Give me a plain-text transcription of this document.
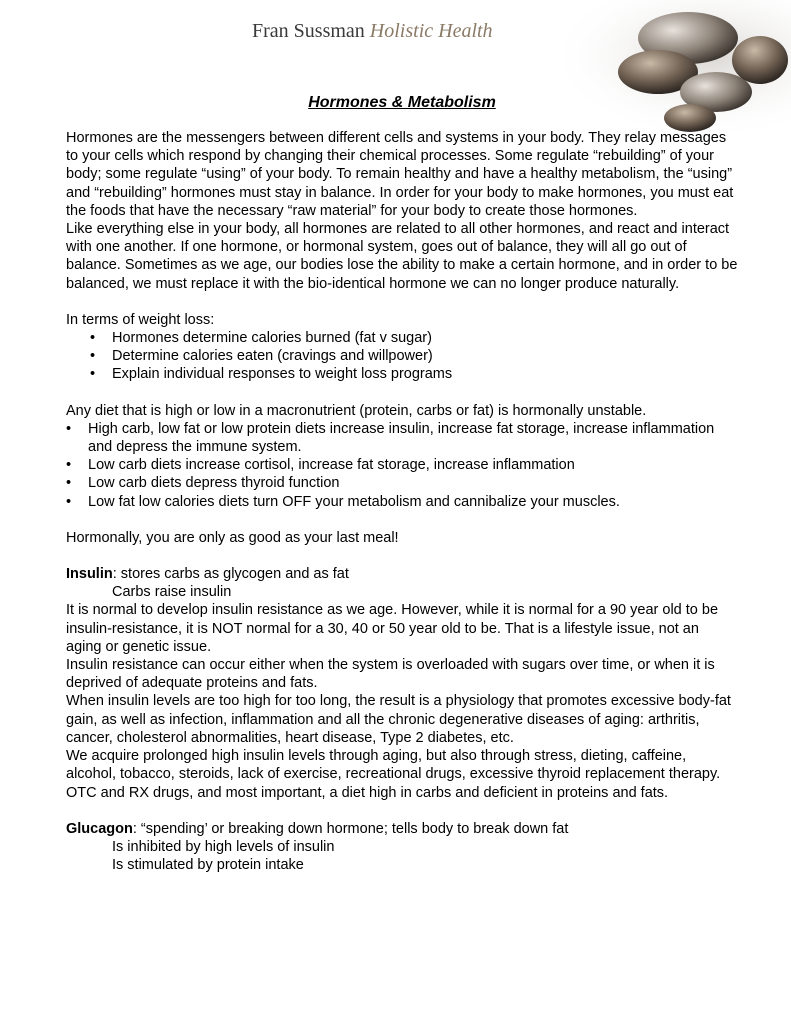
Fran Sussman Holistic Health

Hormones & Metabolism

Hormones are the messengers between different cells and systems in your body. They relay messages to your cells which respond by changing their chemical processes. Some regulate “rebuilding” of your body; some regulate “using” of your body. To remain healthy and have a healthy metabolism, the “using” and “rebuilding” hormones must stay in balance. In order for your body to make hormones, you must eat the foods that have the necessary “raw material” for your body to create those hormones.

Like everything else in your body, all hormones are related to all other hormones, and react and interact with one another. If one hormone, or hormonal system, goes out of balance, they will all go out of balance. Sometimes as we age, our bodies lose the ability to make a certain hormone, and in order to be balanced, we must replace it with the bio-identical hormone we can no longer produce naturally.

In terms of weight loss:

• Hormones determine calories burned (fat v sugar)
• Determine calories eaten (cravings and willpower)
• Explain individual responses to weight loss programs

Any diet that is high or low in a macronutrient (protein, carbs or fat) is hormonally unstable.

• High carb, low fat or low protein diets increase insulin, increase fat storage, increase inflammation and depress the immune system.
• Low carb diets increase cortisol, increase fat storage, increase inflammation
• Low carb diets depress thyroid function
• Low fat low calories diets turn OFF your metabolism and cannibalize your muscles.

Hormonally, you are only as good as your last meal!

Insulin: stores carbs as glycogen and as fat

Carbs raise insulin

It is normal to develop insulin resistance as we age. However, while it is normal for a 90 year old to be insulin-resistance, it is NOT normal for a 30, 40 or 50 year old to be. That is a lifestyle issue, not an aging or genetic issue.

Insulin resistance can occur either when the system is overloaded with sugars over time, or when it is deprived of adequate proteins and fats.

When insulin levels are too high for too long, the result is a physiology that promotes excessive body-fat gain, as well as infection, inflammation and all the chronic degenerative diseases of aging: arthritis, cancer, cholesterol abnormalities, heart disease, Type 2 diabetes, etc.

We acquire prolonged high insulin levels through aging, but also through stress, dieting, caffeine, alcohol, tobacco, steroids, lack of exercise, recreational drugs, excessive thyroid replacement therapy. OTC and RX drugs, and most important, a diet high in carbs and deficient in proteins and fats.

Glucagon: “spending’ or breaking down hormone; tells body to break down fat

Is inhibited by high levels of insulin

Is stimulated by protein intake
